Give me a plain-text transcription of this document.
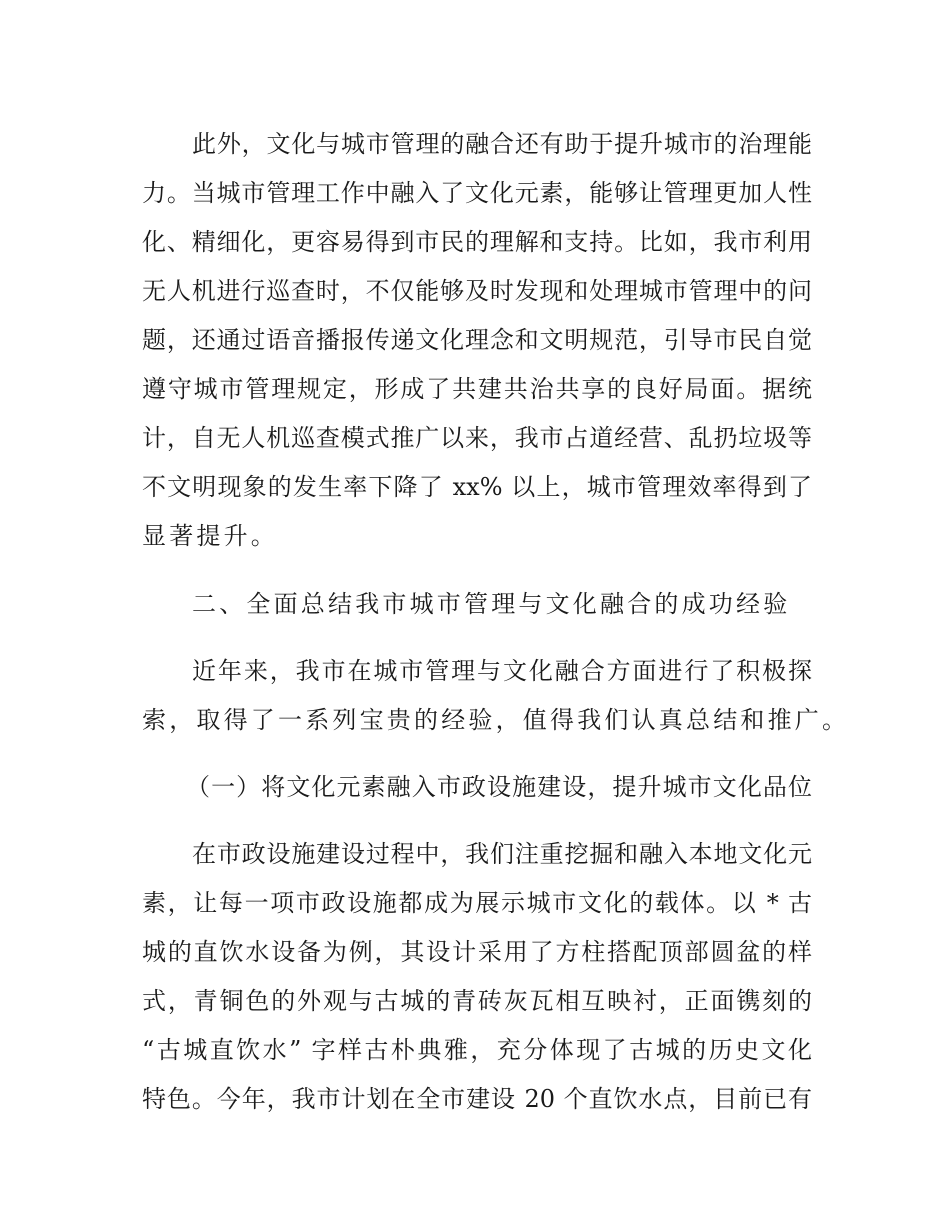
此外，文化与城市管理的融合还有助于提升城市的治理能
力。当城市管理工作中融入了文化元素，能够让管理更加人性
化、精细化，更容易得到市民的理解和支持。比如，我市利用
无人机进行巡查时，不仅能够及时发现和处理城市管理中的问
题，还通过语音播报传递文化理念和文明规范，引导市民自觉
遵守城市管理规定，形成了共建共治共享的良好局面。据统
计，自无人机巡查模式推广以来，我市占道经营、乱扔垃圾等
不文明现象的发生率下降了 xx% 以上，城市管理效率得到了
显著提升。
二、全面总结我市城市管理与文化融合的成功经验
近年来，我市在城市管理与文化融合方面进行了积极探
索，取得了一系列宝贵的经验，值得我们认真总结和推广。
（一）将文化元素融入市政设施建设，提升城市文化品位
在市政设施建设过程中，我们注重挖掘和融入本地文化元
素，让每一项市政设施都成为展示城市文化的载体。以 * 古
城的直饮水设备为例，其设计采用了方柱搭配顶部圆盆的样
式，青铜色的外观与古城的青砖灰瓦相互映衬，正面镌刻的
“古城直饮水” 字样古朴典雅，充分体现了古城的历史文化
特色。今年，我市计划在全市建设 20 个直饮水点，目前已有
